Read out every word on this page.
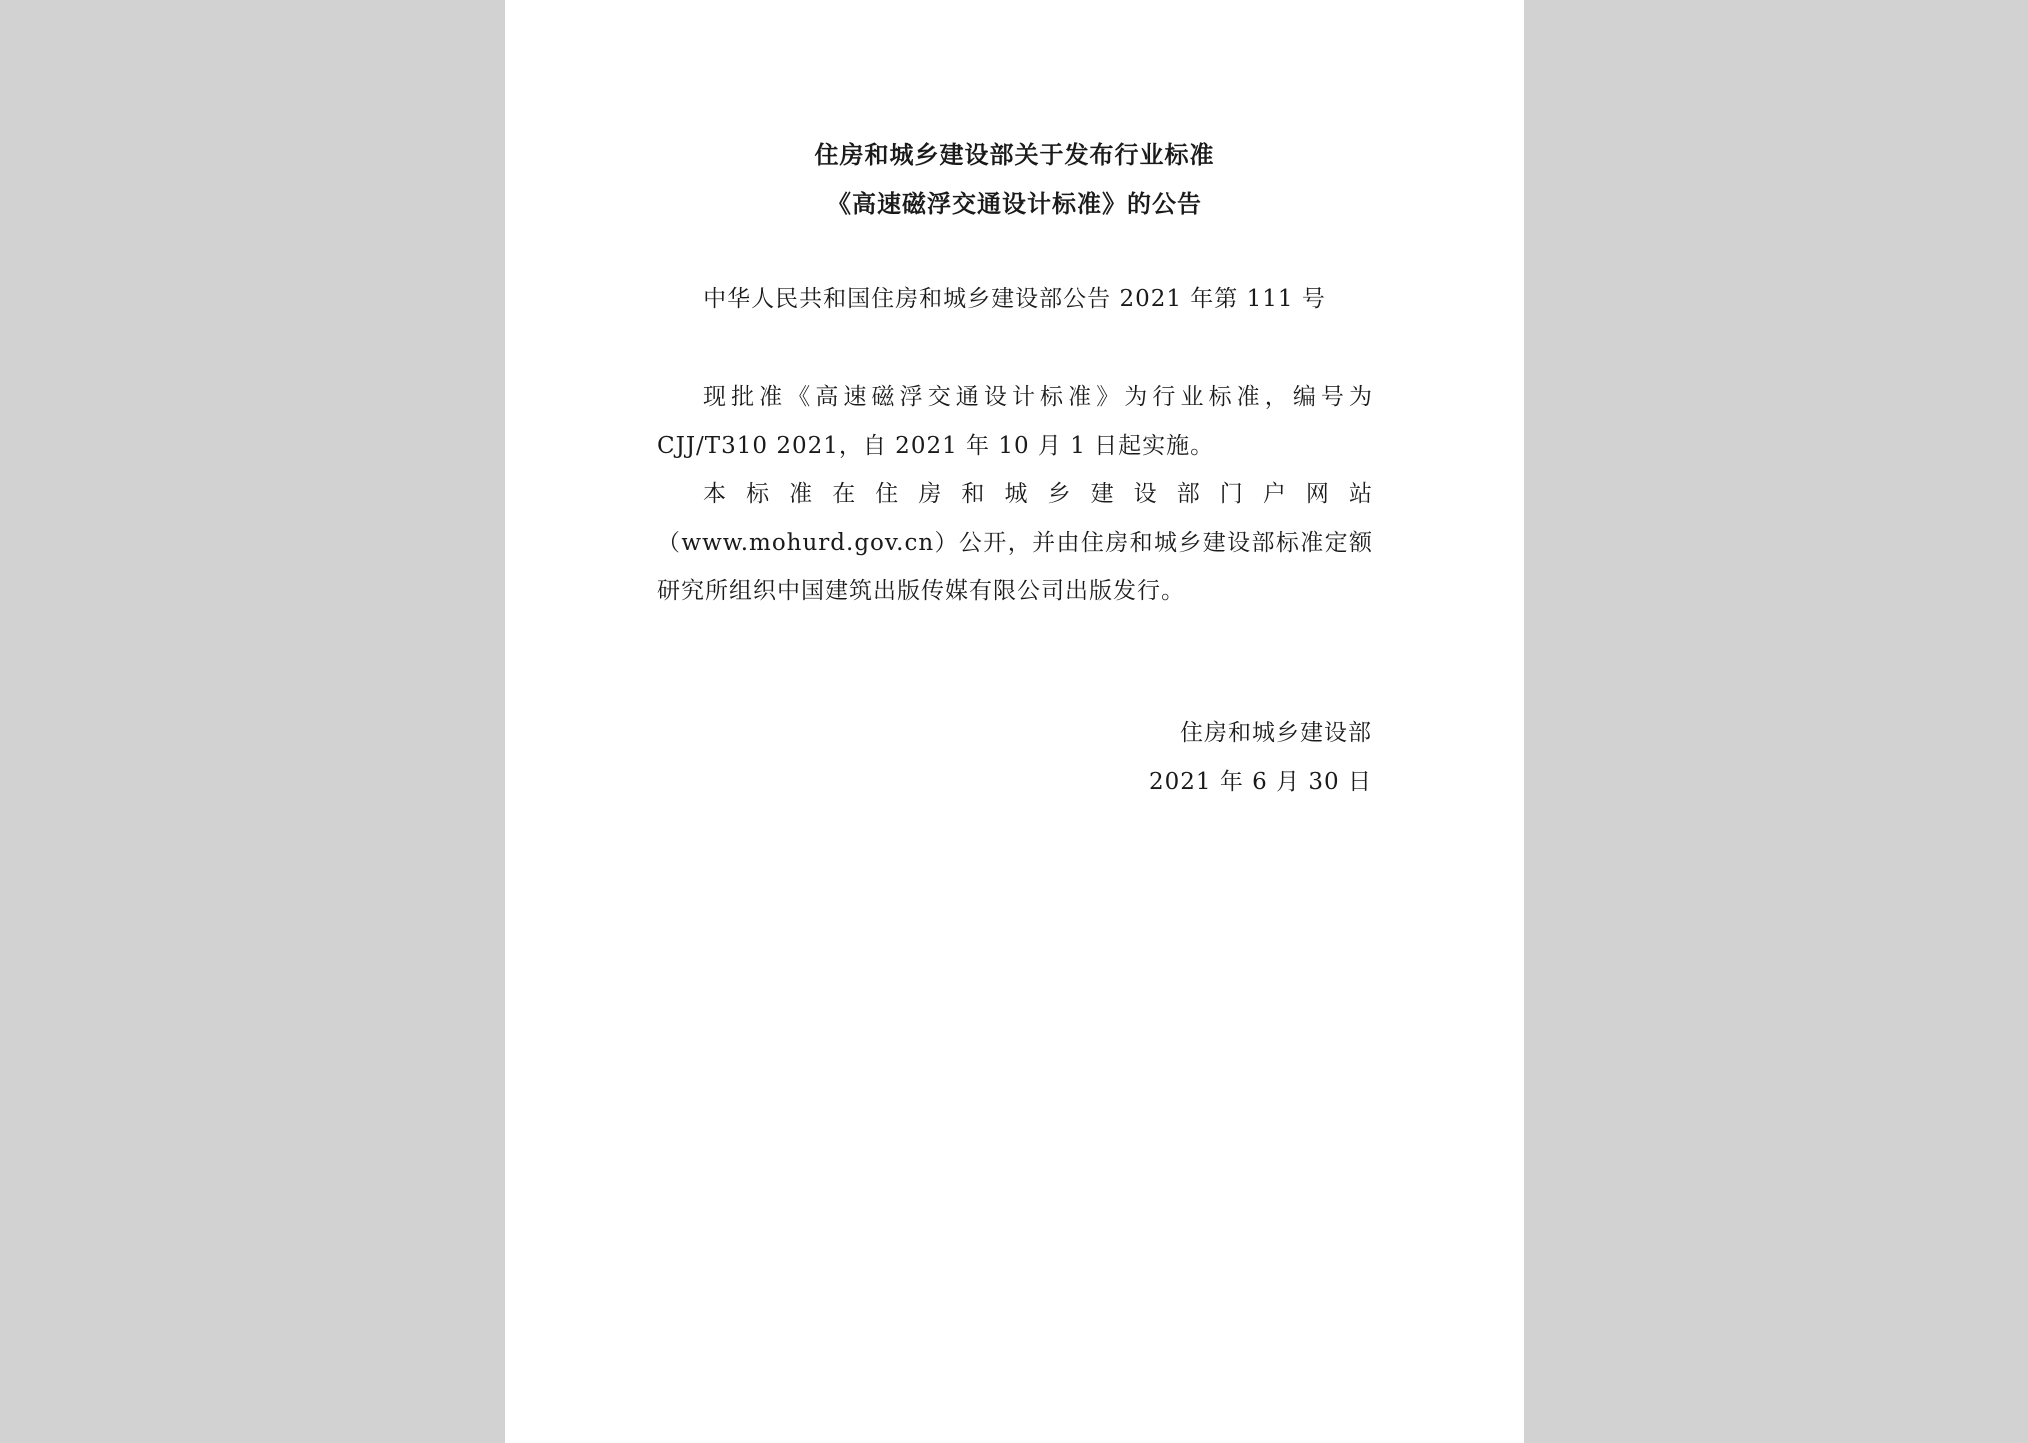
住房和城乡建设部关于发布行业标准
《高速磁浮交通设计标准》的公告
中华人民共和国住房和城乡建设部公告 2021 年第 111 号

现批准《高速磁浮交通设计标准》为行业标准，编号为CJJ/T310 2021，自 2021 年 10 月 1 日起实施。

本标准在住房和城乡建设部门户网站（www.mohurd.gov.cn）公开，并由住房和城乡建设部标准定额研究所组织中国建筑出版传媒有限公司出版发行。

住房和城乡建设部
2021 年 6 月 30 日
